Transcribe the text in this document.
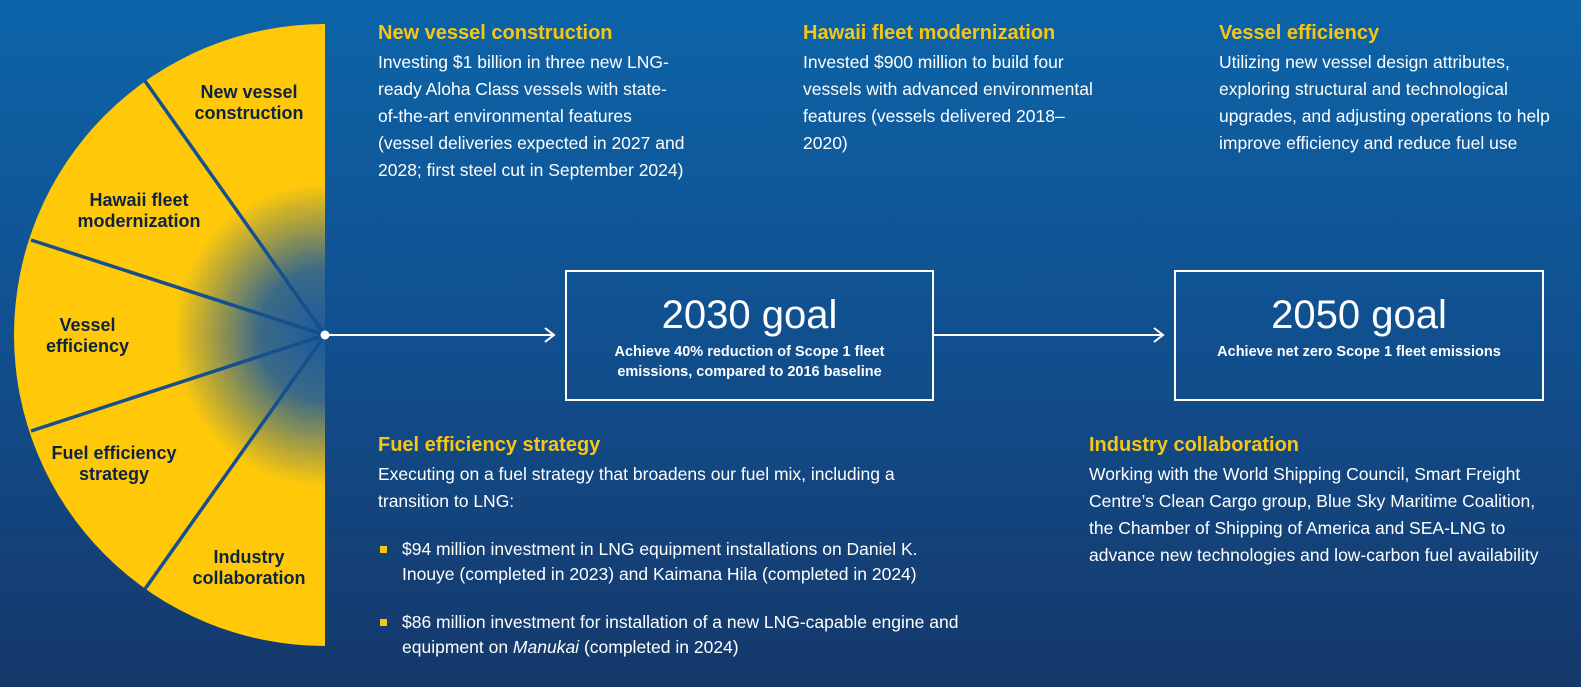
New vessel construction
Hawaii fleet modernization
Vessel efficiency
Fuel efficiency strategy
Industry collaboration
New vessel construction

Investing $1 billion in three new LNG-ready Aloha Class vessels with state-of-the-art environmental features (vessel deliveries expected in 2027 and 2028; first steel cut in September 2024)

Hawaii fleet modernization

Invested $900 million to build four vessels with advanced environmental features (vessels delivered 2018–2020)

Vessel efficiency

Utilizing new vessel design attributes, exploring structural and technological upgrades, and adjusting operations to help improve efficiency and reduce fuel use

2030 goal
Achieve 40% reduction of Scope 1 fleet emissions, compared to 2016 baseline
2050 goal
Achieve net zero Scope 1 fleet emissions
Fuel efficiency strategy

Executing on a fuel strategy that broadens our fuel mix, including a transition to LNG:

$94 million investment in LNG equipment installations on Daniel K. Inouye (completed in 2023) and Kaimana Hila (completed in 2024)
$86 million investment for installation of a new LNG-capable engine and equipment on Manukai (completed in 2024)
Industry collaboration

Working with the World Shipping Council, Smart Freight Centre’s Clean Cargo group, Blue Sky Maritime Coalition, the Chamber of Shipping of America and SEA-LNG to advance new technologies and low-carbon fuel availability
